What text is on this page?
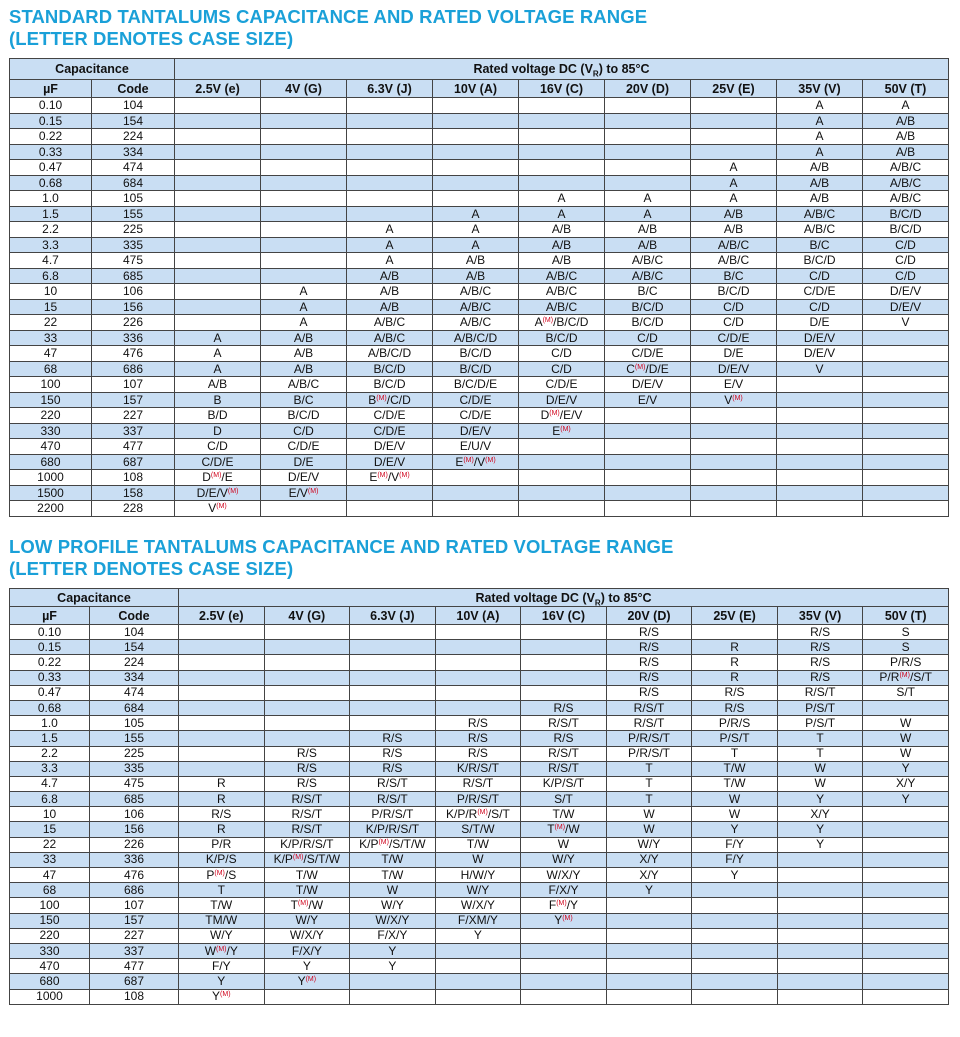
STANDARD TANTALUMS CAPACITANCE AND RATED VOLTAGE RANGE
(LETTER DENOTES CASE SIZE)
Capacitance		Rated voltage DC $(V_R)$ to 85°C								
µF	Code	2.5V (e)	4V (G)	6.3V (J)	10V (A)	16V (C)	20V (D)	25V (E)	35V (V)	50V (T)
0.10	104								A	A
0.15	154								A	A/B
0.22	224								A	A/B
0.33	334								A	A/B
0.47	474							A	A/B	A/B/C
0.68	684							A	A/B	A/B/C
1.0	105					A	A	A	A/B	A/B/C
1.5	155				A	A	A	A/B	A/B/C	B/C/D
2.2	225			A	A	A/B	A/B	A/B	A/B/C	B/C/D
3.3	335			A	A	A/B	A/B	A/B/C	B/C	C/D
4.7	475			A	A/B	A/B	A/B/C	A/B/C	B/C/D	C/D
6.8	685			A/B	A/B	A/B/C	A/B/C	B/C	C/D	C/D
10	106		A	A/B	A/B/C	A/B/C	B/C	B/C/D	C/D/E	D/E/V
15	156		A	A/B	A/B/C	A/B/C	B/C/D	C/D	C/D	D/E/V
22	226		A	A/B/C	A/B/C	$A^{(M)}/B/C/D$	B/C/D	C/D	D/E	V
33	336	A	A/B	A/B/C	A/B/C/D	B/C/D	C/D	C/D/E	D/E/V	
47	476	A	A/B	A/B/C/D	B/C/D	C/D	C/D/E	D/E	D/E/V	
68	686	A	A/B	B/C/D	B/C/D	C/D	$C^{(M)}/D/E$	D/E/V	V	
100	107	A/B	A/B/C	B/C/D	B/C/D/E	C/D/E	D/E/V	E/V		
150	157	B	B/C	$B^{(M)}/C/D$	C/D/E	D/E/V	E/V	$V^{(M)}$		
220	227	B/D	B/C/D	C/D/E	C/D/E	$D^{(M)}/E/V$				
330	337	D	C/D	C/D/E	D/E/V	$E^{(M)}$				
470	477	C/D	C/D/E	D/E/V	E/U/V					
680	687	C/D/E	D/E	D/E/V	$E^{(M)}/V^{(M)}$					
1000	108	$D^{(M)}/E$	D/E/V	$E^{(M)}/V^{(M)}$						
1500	158	$D/E/V^{(M)}$	$E/V^{(M)}$							
2200	228	$V^{(M)}$								
LOW PROFILE TANTALUMS CAPACITANCE AND RATED VOLTAGE RANGE
(LETTER DENOTES CASE SIZE)
Capacitance		Rated voltage DC $(V_R)$ to 85°C								
µF	Code	2.5V (e)	4V (G)	6.3V (J)	10V (A)	16V (C)	20V (D)	25V (E)	35V (V)	50V (T)
0.10	104						R/S		R/S	S
0.15	154						R/S	R	R/S	S
0.22	224						R/S	R	R/S	P/R/S
0.33	334						R/S	R	R/S	$P/R^{(M)}/S/T$
0.47	474						R/S	R/S	R/S/T	S/T
0.68	684					R/S	R/S/T	R/S	P/S/T	
1.0	105				R/S	R/S/T	R/S/T	P/R/S	P/S/T	W
1.5	155			R/S	R/S	R/S	P/R/S/T	P/S/T	T	W
2.2	225		R/S	R/S	R/S	R/S/T	P/R/S/T	T	T	W
3.3	335		R/S	R/S	K/R/S/T	R/S/T	T	T/W	W	Y
4.7	475	R	R/S	R/S/T	R/S/T	K/P/S/T	T	T/W	W	X/Y
6.8	685	R	R/S/T	R/S/T	P/R/S/T	S/T	T	W	Y	Y
10	106	R/S	R/S/T	P/R/S/T	$K/P/R^{(M)}/S/T$	T/W	W	W	X/Y	
15	156	R	R/S/T	K/P/R/S/T	S/T/W	$T^{(M)}/W$	W	Y	Y	
22	226	P/R	K/P/R/S/T	$K/P^{(M)}/S/T/W$	T/W	W	W/Y	F/Y	Y	
33	336	K/P/S	$K/P^{(M)}/S/T/W$	T/W	W	W/Y	X/Y	F/Y		
47	476	$P^{(M)}/S$	T/W	T/W	H/W/Y	W/X/Y	X/Y	Y		
68	686	T	T/W	W	W/Y	F/X/Y	Y			
100	107	T/W	$T^{(M)}/W$	W/Y	W/X/Y	$F^{(M)}/Y$				
150	157	TM/W	W/Y	W/X/Y	F/XM/Y	$Y^{(M)}$				
220	227	W/Y	W/X/Y	F/X/Y	Y					
330	337	$W^{(M)}/Y$	F/X/Y	Y						
470	477	F/Y	Y	Y						
680	687	Y	$Y^{(M)}$							
1000	108	$Y^{(M)}$								
